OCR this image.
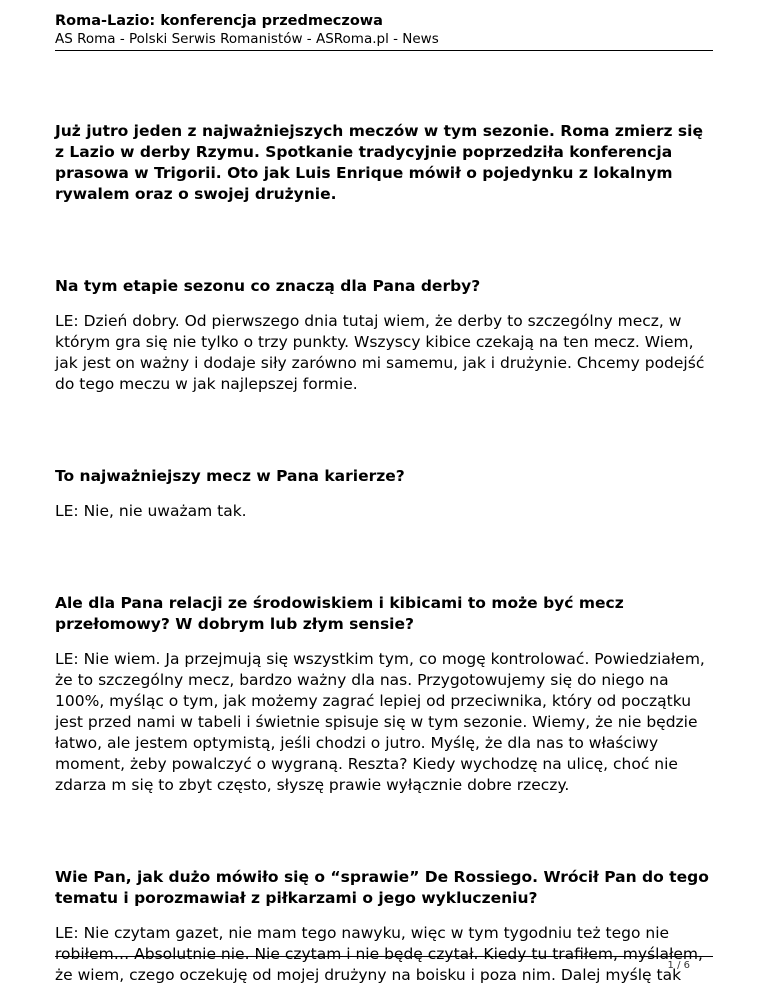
Roma-Lazio: konferencja przedmeczowa
AS Roma - Polski Serwis Romanistów - ASRoma.pl - News

Już jutro jeden z najważniejszych meczów w tym sezonie. Roma zmierz się z Lazio w derby Rzymu. Spotkanie tradycyjnie poprzedziła konferencja prasowa w Trigorii. Oto jak Luis Enrique mówił o pojedynku z lokalnym rywalem oraz o swojej drużynie.

Na tym etapie sezonu co znaczą dla Pana derby?

LE: Dzień dobry. Od pierwszego dnia tutaj wiem, że derby to szczególny mecz, w którym gra się nie tylko o trzy punkty. Wszyscy kibice czekają na ten mecz. Wiem, jak jest on ważny i dodaje siły zarówno mi samemu, jak i drużynie. Chcemy podejść do tego meczu w jak najlepszej formie.

To najważniejszy mecz w Pana karierze?

LE: Nie, nie uważam tak.

Ale dla Pana relacji ze środowiskiem i kibicami to może być mecz przełomowy? W dobrym lub złym sensie?

LE: Nie wiem. Ja przejmują się wszystkim tym, co mogę kontrolować. Powiedziałem, że to szczególny mecz, bardzo ważny dla nas. Przygotowujemy się do niego na 100%, myśląc o tym, jak możemy zagrać lepiej od przeciwnika, który od początku jest przed nami w tabeli i świetnie spisuje się w tym sezonie. Wiemy, że nie będzie łatwo, ale jestem optymistą, jeśli chodzi o jutro. Myślę, że dla nas to właściwy moment, żeby powalczyć o wygraną. Reszta? Kiedy wychodzę na ulicę, choć nie zdarza m się to zbyt często, słyszę prawie wyłącznie dobre rzeczy.

Wie Pan, jak dużo mówiło się o “sprawie” De Rossiego. Wrócił Pan do tego tematu i porozmawiał z piłkarzami o jego wykluczeniu?

LE: Nie czytam gazet, nie mam tego nawyku, więc w tym tygodniu też tego nie robiłem… Absolutnie nie. Nie czytam i nie będę czytał. Kiedy tu trafiłem, myślałem, że wiem, czego oczekuję od mojej drużyny na boisku i poza nim. Dalej myślę tak

1 / 6
